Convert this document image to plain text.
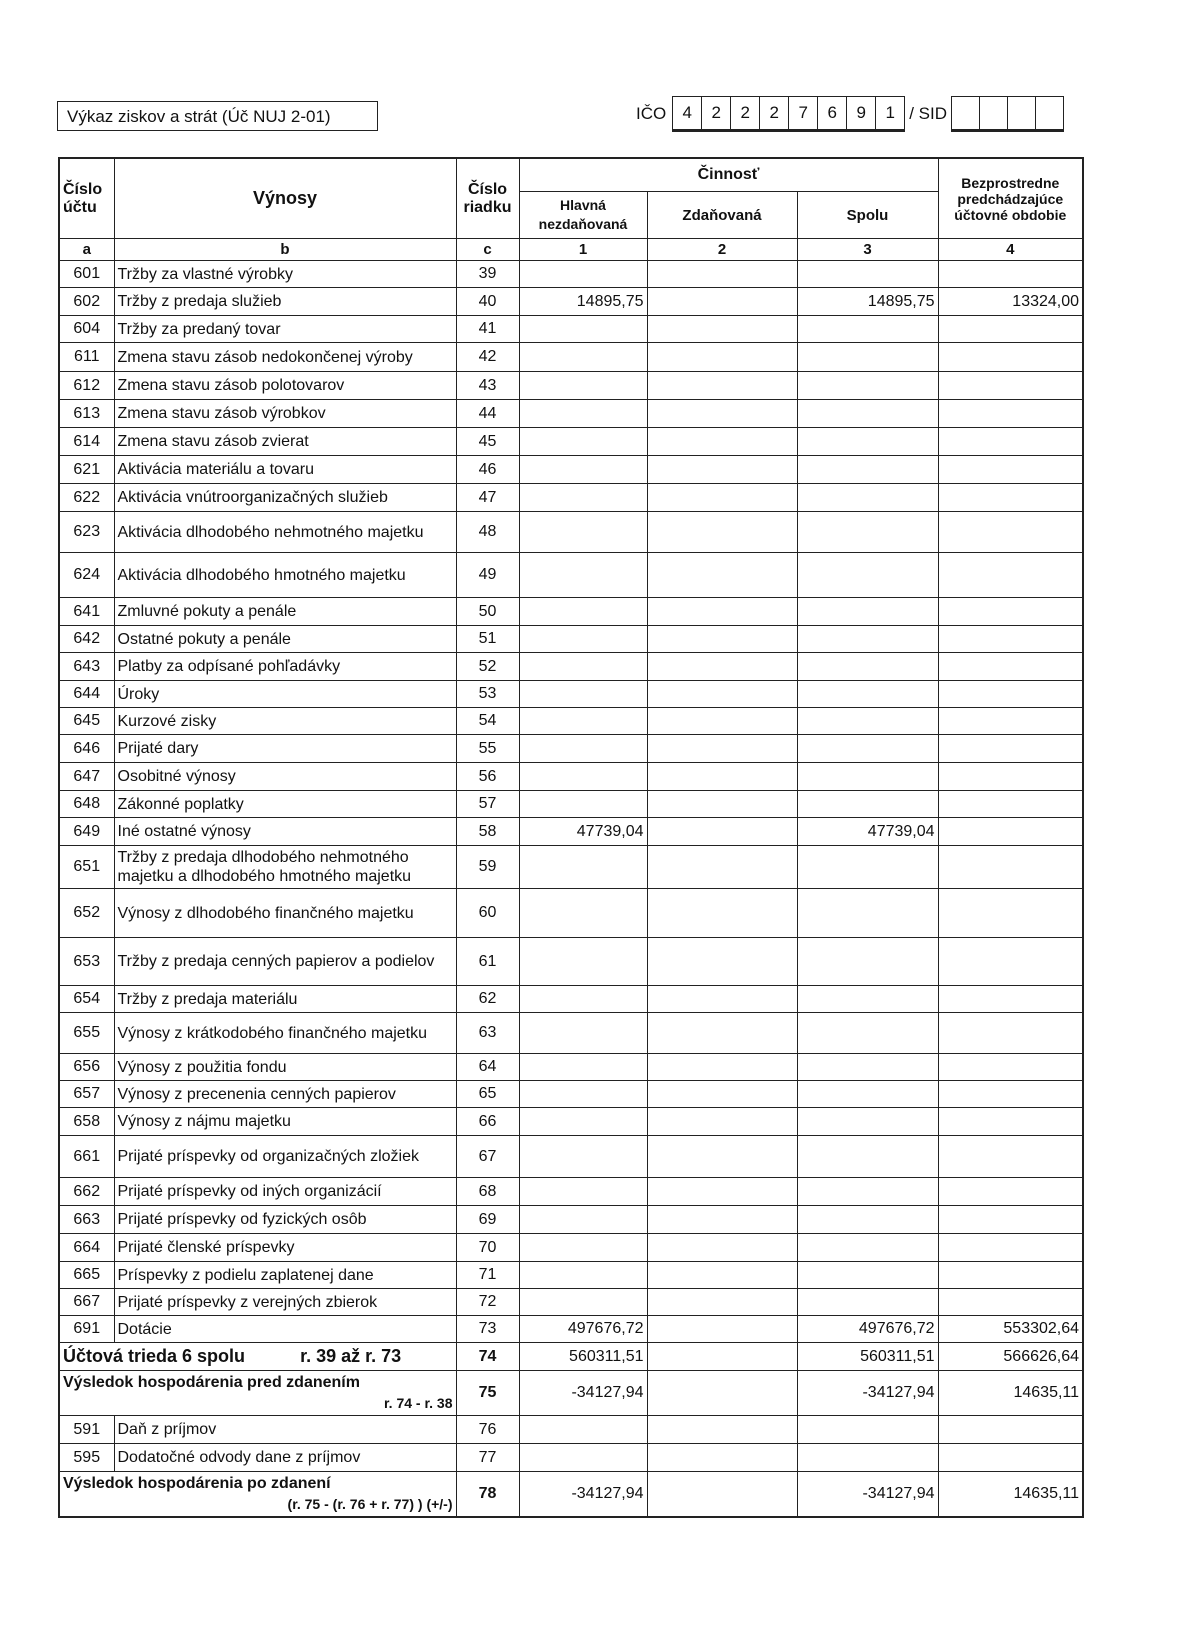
Výkaz ziskov a strát (Úč NUJ 2-01)	IČO 4	2	2	2	7	6	9	1 / SID
Číslo účtu	Výnosy	Číslo riadku	Činnosť			Bezprostredne predchádzajúce účtovné obdobie
			Hlavná nezdaňovaná	Zdaňovaná	Spolu	
a	b	c	1	2	3	4
601	Tržby za vlastné výrobky	39				
602	Tržby z predaja služieb	40	14895,75		14895,75	13324,00
604	Tržby za predaný tovar	41				
611	Zmena stavu zásob nedokončenej výroby	42				
612	Zmena stavu zásob polotovarov	43				
613	Zmena stavu zásob výrobkov	44				
614	Zmena stavu zásob zvierat	45				
621	Aktivácia materiálu a tovaru	46				
622	Aktivácia vnútroorganizačných služieb	47				
623	Aktivácia dlhodobého nehmotného majetku	48				
624	Aktivácia dlhodobého hmotného majetku	49				
641	Zmluvné pokuty a penále	50				
642	Ostatné pokuty a penále	51				
643	Platby za odpísané pohľadávky	52				
644	Úroky	53				
645	Kurzové zisky	54				
646	Prijaté dary	55				
647	Osobitné výnosy	56				
648	Zákonné poplatky	57				
649	Iné ostatné výnosy	58	47739,04		47739,04	
651	Tržby z predaja dlhodobého nehmotného majetku a dlhodobého hmotného majetku	59				
652	Výnosy z dlhodobého finančného majetku	60				
653	Tržby z predaja cenných papierov a podielov	61				
654	Tržby z predaja materiálu	62				
655	Výnosy z krátkodobého finančného majetku	63				
656	Výnosy z použitia fondu	64				
657	Výnosy z precenenia cenných papierov	65				
658	Výnosy z nájmu majetku	66				
661	Prijaté príspevky od organizačných zložiek	67				
662	Prijaté príspevky od iných organizácií	68				
663	Prijaté príspevky od fyzických osôb	69				
664	Prijaté členské príspevky	70				
665	Príspevky z podielu zaplatenej dane	71				
667	Prijaté príspevky z verejných zbierok	72				
691	Dotácie	73	497676,72		497676,72	553302,64
Účtová trieda 6 spolu r. 39 až r. 73		74	560311,51		560311,51	566626,64

Výsledok hospodárenia pred zdanením
r. 74 - r. 38		75	-34127,94		-34127,94	14635,11
591	Daň z príjmov	76				
595	Dodatočné odvody dane z príjmov	77				

Výsledok hospodárenia po zdanení
(r. 75 - (r. 76 + r. 77) ) (+/-)		78	-34127,94		-34127,94	14635,11
